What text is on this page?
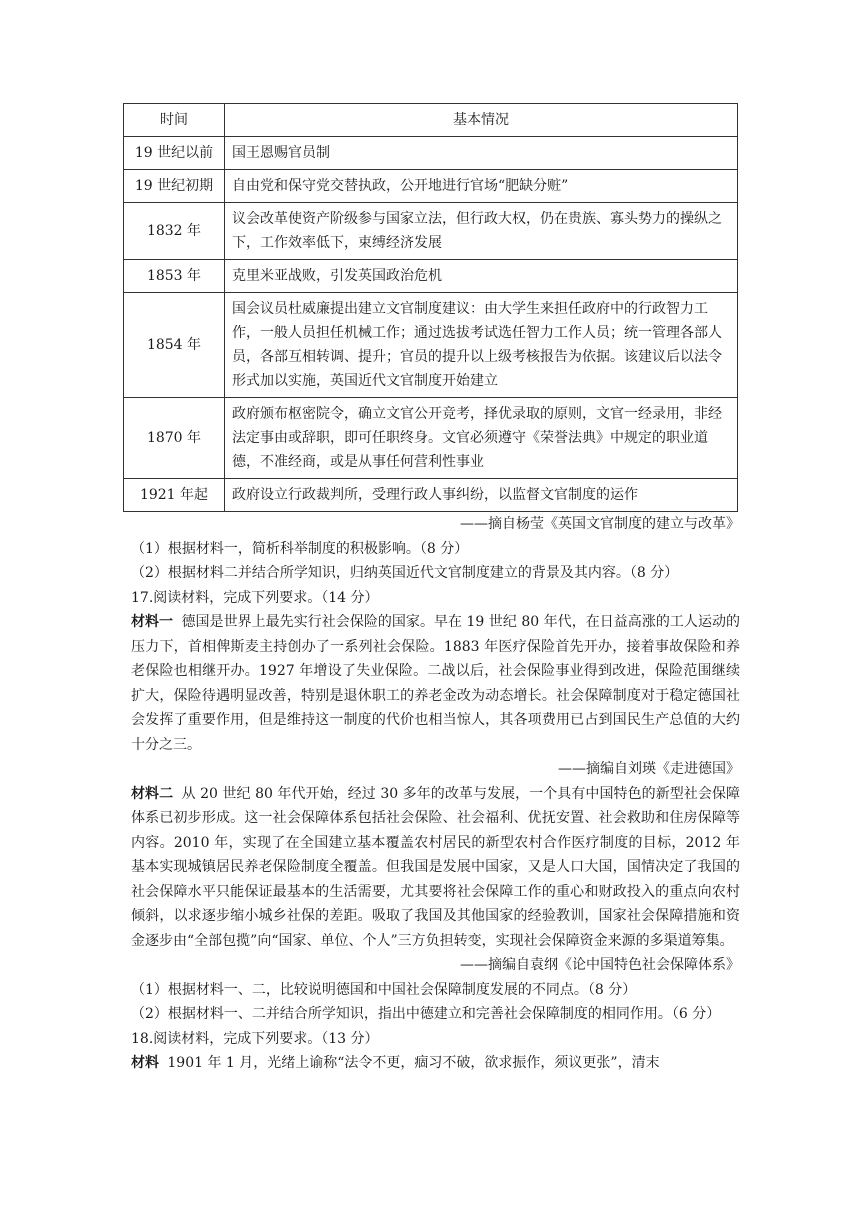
时间	基本情况
19 世纪以前	国王恩赐官员制
19 世纪初期	自由党和保守党交替执政，公开地进行官场“肥缺分赃”
1832 年	议会改革使资产阶级参与国家立法，但行政大权，仍在贵族、寡头势力的操纵之下，工作效率低下，束缚经济发展
1853 年	克里米亚战败，引发英国政治危机
1854 年	国会议员杜威廉提出建立文官制度建议：由大学生来担任政府中的行政智力工作，一般人员担任机械工作；通过选拔考试选任智力工作人员；统一管理各部人员，各部互相转调、提升；官员的提升以上级考核报告为依据。该建议后以法令形式加以实施，英国近代文官制度开始建立
1870 年	政府颁布枢密院令，确立文官公开竞考，择优录取的原则，文官一经录用，非经法定事由或辞职，即可任职终身。文官必须遵守《荣誉法典》中规定的职业道德，不准经商，或是从事任何营利性事业
1921 年起	政府设立行政裁判所，受理行政人事纠纷，以监督文官制度的运作

——摘自杨莹《英国文官制度的建立与改革》

（1）根据材料一，简析科举制度的积极影响。（8 分）

（2）根据材料二并结合所学知识，归纳英国近代文官制度建立的背景及其内容。（8 分）

17.阅读材料，完成下列要求。（14 分）

材料一 德国是世界上最先实行社会保险的国家。早在 19 世纪 80 年代，在日益高涨的工人运动的压力下，首相俾斯麦主持创办了一系列社会保险。1883 年医疗保险首先开办，接着事故保险和养老保险也相继开办。1927 年增设了失业保险。二战以后，社会保险事业得到改进，保险范围继续扩大，保险待遇明显改善，特别是退休职工的养老金改为动态增长。社会保障制度对于稳定德国社会发挥了重要作用，但是维持这一制度的代价也相当惊人，其各项费用已占到国民生产总值的大约十分之三。

——摘编自刘瑛《走进德国》

材料二 从 20 世纪 80 年代开始，经过 30 多年的改革与发展，一个具有中国特色的新型社会保障体系已初步形成。这一社会保障体系包括社会保险、社会福利、优抚安置、社会救助和住房保障等内容。2010 年，实现了在全国建立基本覆盖农村居民的新型农村合作医疗制度的目标，2012 年基本实现城镇居民养老保险制度全覆盖。但我国是发展中国家，又是人口大国，国情决定了我国的社会保障水平只能保证最基本的生活需要，尤其要将社会保障工作的重心和财政投入的重点向农村倾斜，以求逐步缩小城乡社保的差距。吸取了我国及其他国家的经验教训，国家社会保障措施和资金逐步由“全部包揽”向“国家、单位、个人”三方负担转变，实现社会保障资金来源的多渠道筹集。

——摘编自袁纲《论中国特色社会保障体系》

（1）根据材料一、二，比较说明德国和中国社会保障制度发展的不同点。（8 分）

（2）根据材料一、二并结合所学知识，指出中德建立和完善社会保障制度的相同作用。（6 分）

18.阅读材料，完成下列要求。（13 分）

材料 1901 年 1 月，光绪上谕称“法令不更，痼习不破，欲求振作，须议更张”，清末
